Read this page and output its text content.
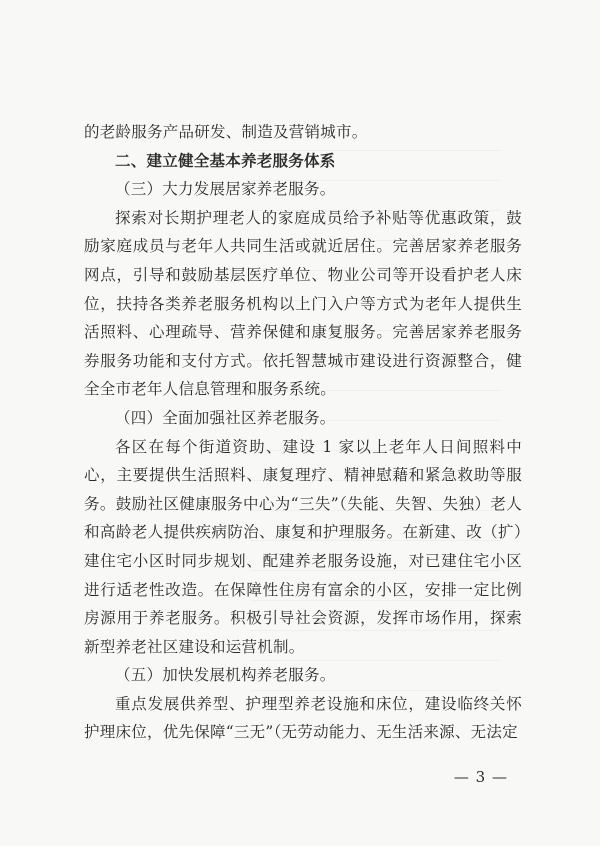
的老龄服务产品研发、制造及营销城市。

二、建立健全基本养老服务体系

（三）大力发展居家养老服务。

探索对长期护理老人的家庭成员给予补贴等优惠政策，鼓励家庭成员与老年人共同生活或就近居住。完善居家养老服务网点，引导和鼓励基层医疗单位、物业公司等开设看护老人床位，扶持各类养老服务机构以上门入户等方式为老年人提供生活照料、心理疏导、营养保健和康复服务。完善居家养老服务券服务功能和支付方式。依托智慧城市建设进行资源整合，健全全市老年人信息管理和服务系统。

（四）全面加强社区养老服务。

各区在每个街道资助、建设 1 家以上老年人日间照料中心，主要提供生活照料、康复理疗、精神慰藉和紧急救助等服务。鼓励社区健康服务中心为“三失”（失能、失智、失独）老人和高龄老人提供疾病防治、康复和护理服务。在新建、改（扩）建住宅小区时同步规划、配建养老服务设施，对已建住宅小区进行适老性改造。在保障性住房有富余的小区，安排一定比例房源用于养老服务。积极引导社会资源，发挥市场作用，探索新型养老社区建设和运营机制。

（五）加快发展机构养老服务。

重点发展供养型、护理型养老设施和床位，建设临终关怀护理床位，优先保障“三无”（无劳动能力、无生活来源、无法定

— 3 —
